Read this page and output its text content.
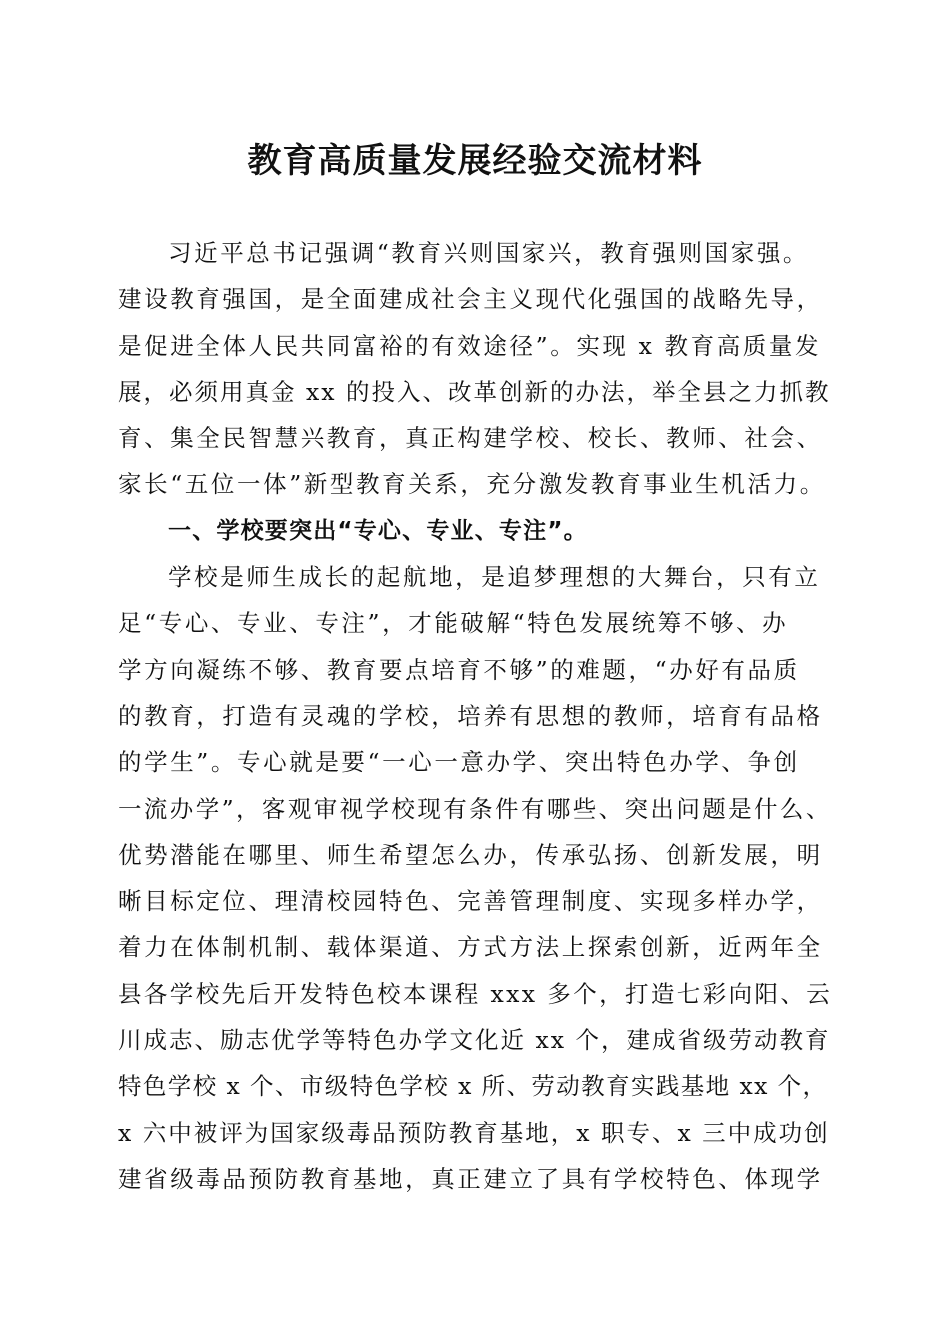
教育高质量发展经验交流材料
习近平总书记强调“教育兴则国家兴，教育强则国家强。
建设教育强国，是全面建成社会主义现代化强国的战略先导，
是促进全体人民共同富裕的有效途径”。实现 x 教育高质量发
展，必须用真金 xx 的投入、改革创新的办法，举全县之力抓教
育、集全民智慧兴教育，真正构建学校、校长、教师、社会、
家长“五位一体”新型教育关系，充分激发教育事业生机活力。
一、学校要突出“专心、专业、专注”。
学校是师生成长的起航地，是追梦理想的大舞台，只有立
足“专心、专业、专注”，才能破解“特色发展统筹不够、办
学方向凝练不够、教育要点培育不够”的难题，“办好有品质
的教育，打造有灵魂的学校，培养有思想的教师，培育有品格
的学生”。专心就是要“一心一意办学、突出特色办学、争创
一流办学”，客观审视学校现有条件有哪些、突出问题是什么、
优势潜能在哪里、师生希望怎么办，传承弘扬、创新发展，明
晰目标定位、理清校园特色、完善管理制度、实现多样办学，
着力在体制机制、载体渠道、方式方法上探索创新，近两年全
县各学校先后开发特色校本课程 xxx 多个，打造七彩向阳、云
川成志、励志优学等特色办学文化近 xx 个，建成省级劳动教育
特色学校 x 个、市级特色学校 x 所、劳动教育实践基地 xx 个，
x 六中被评为国家级毒品预防教育基地，x 职专、x 三中成功创
建省级毒品预防教育基地，真正建立了具有学校特色、体现学
